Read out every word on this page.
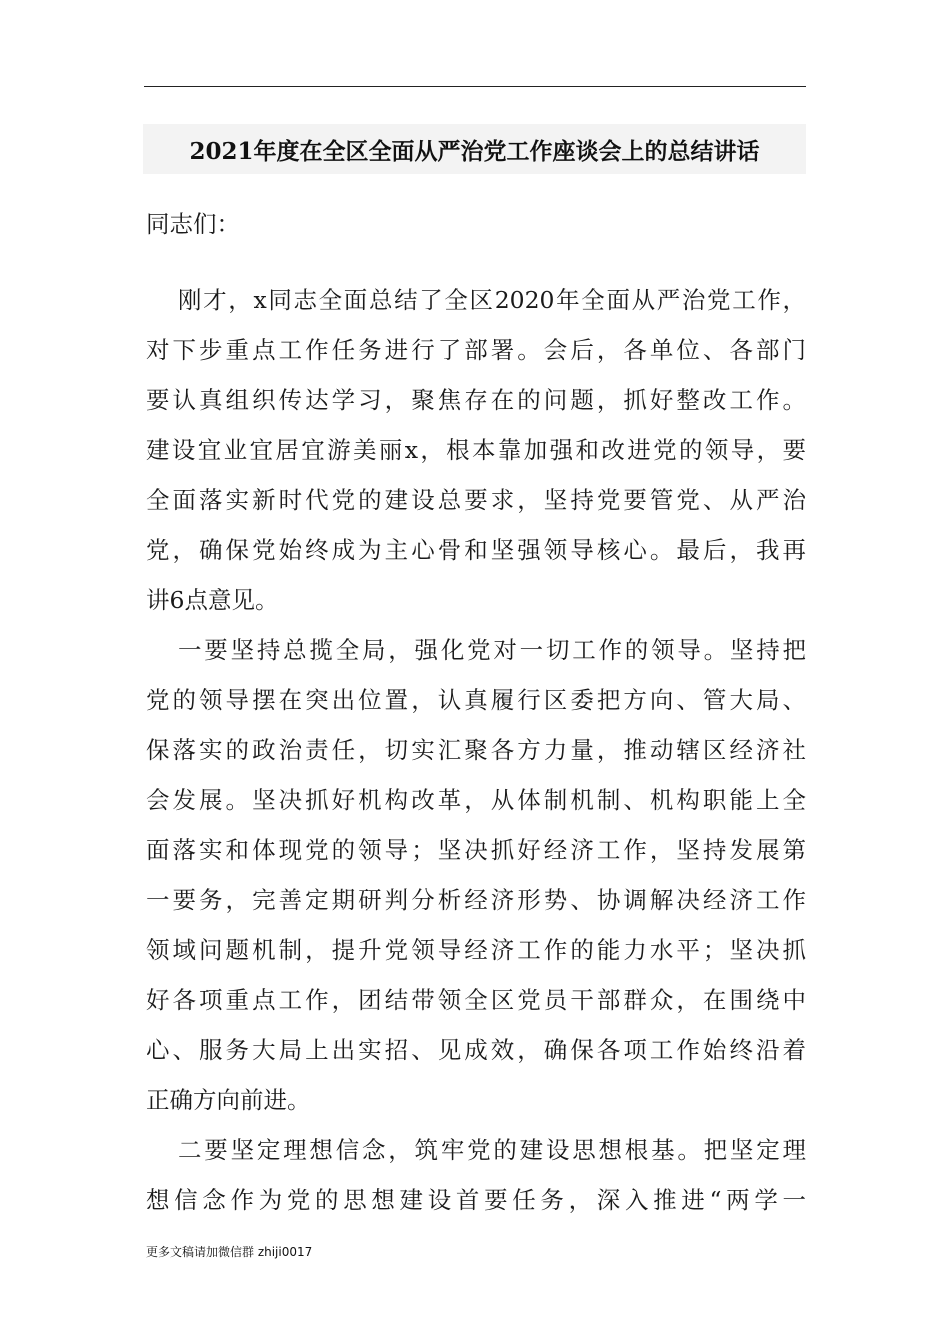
2021年度在全区全面从严治党工作座谈会上的总结讲话
同志们：
刚才，x同志全面总结了全区2020年全面从严治党工作，
对下步重点工作任务进行了部署。会后，各单位、各部门
要认真组织传达学习，聚焦存在的问题，抓好整改工作。
建设宜业宜居宜游美丽x，根本靠加强和改进党的领导，要
全面落实新时代党的建设总要求，坚持党要管党、从严治
党，确保党始终成为主心骨和坚强领导核心。最后，我再
讲6点意见。
一要坚持总揽全局，强化党对一切工作的领导。坚持把
党的领导摆在突出位置，认真履行区委把方向、管大局、
保落实的政治责任，切实汇聚各方力量，推动辖区经济社
会发展。坚决抓好机构改革，从体制机制、机构职能上全
面落实和体现党的领导；坚决抓好经济工作，坚持发展第
一要务，完善定期研判分析经济形势、协调解决经济工作
领域问题机制，提升党领导经济工作的能力水平；坚决抓
好各项重点工作，团结带领全区党员干部群众，在围绕中
心、服务大局上出实招、见成效，确保各项工作始终沿着
正确方向前进。
二要坚定理想信念，筑牢党的建设思想根基。把坚定理
想信念作为党的思想建设首要任务，深入推进“两学一
更多文稿请加微信群 zhiji0017
